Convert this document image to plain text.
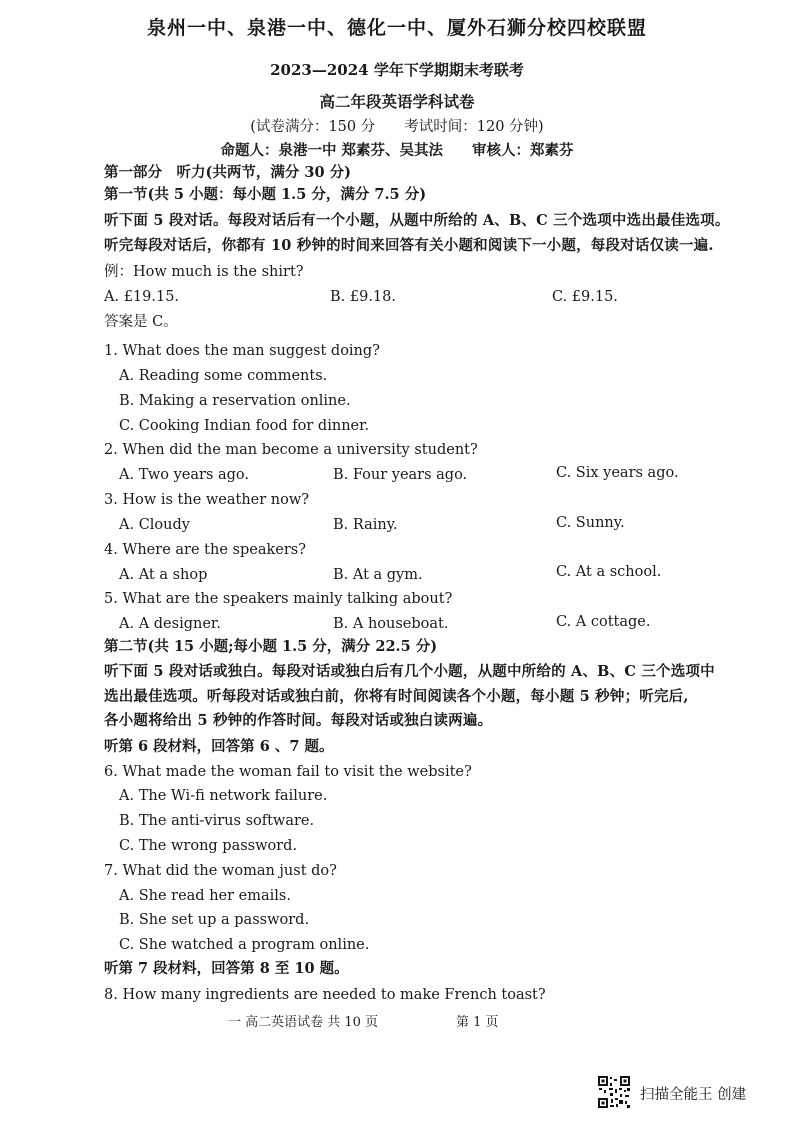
泉州一中、泉港一中、德化一中、厦外石狮分校四校联盟
2023—2024 学年下学期期末考联考
高二年段英语学科试卷
(试卷满分：150 分　　考试时间：120 分钟)
命题人：泉港一中 郑素芬、吴其法　　审核人：郑素芬
第一部分　听力(共两节，满分 30 分)
第一节(共 5 小题：每小题 1.5 分，满分 7.5 分)
听下面 5 段对话。每段对话后有一个小题，从题中所给的 A、B、C 三个选项中选出最佳选项。
听完每段对话后，你都有 10 秒钟的时间来回答有关小题和阅读下一小题，每段对话仅读一遍.
例：How much is the shirt?
A. £19.15.	B. £9.18.	C. £9.15.
答案是 C。
1. What does the man suggest doing?
A. Reading some comments.
B. Making a reservation online.
C. Cooking Indian food for dinner.
2. When did the man become a university student?
A. Two years ago.	B. Four years ago.	C. Six years ago.
3. How is the weather now?
A. Cloudy	B. Rainy.	C. Sunny.
4. Where are the speakers?
A. At a shop	B. At a gym.	C. At a school.
5. What are the speakers mainly talking about?
A. A designer.	B. A houseboat.	C. A cottage.
第二节(共 15 小题;每小题 1.5 分，满分 22.5 分)
听下面 5 段对话或独白。每段对话或独白后有几个小题，从题中所给的 A、B、C 三个选项中
选出最佳选项。听每段对话或独白前，你将有时间阅读各个小题，每小题 5 秒钟；听完后,
各小题将给出 5 秒钟的作答时间。每段对话或独白读两遍。
听第 6 段材料，回答第 6 、7 题。
6. What made the woman fail to visit the website?
A. The Wi-fi network failure.
B. The anti-virus software.
C. The wrong password.
7. What did the woman just do?
A. She read her emails.
B. She set up a password.
C. She watched a program online.
听第 7 段材料，回答第 8 至 10 题。
8. How many ingredients are needed to make French toast?
一 高二英语试卷 共 10 页	第 1 页
扫描全能王 创建
